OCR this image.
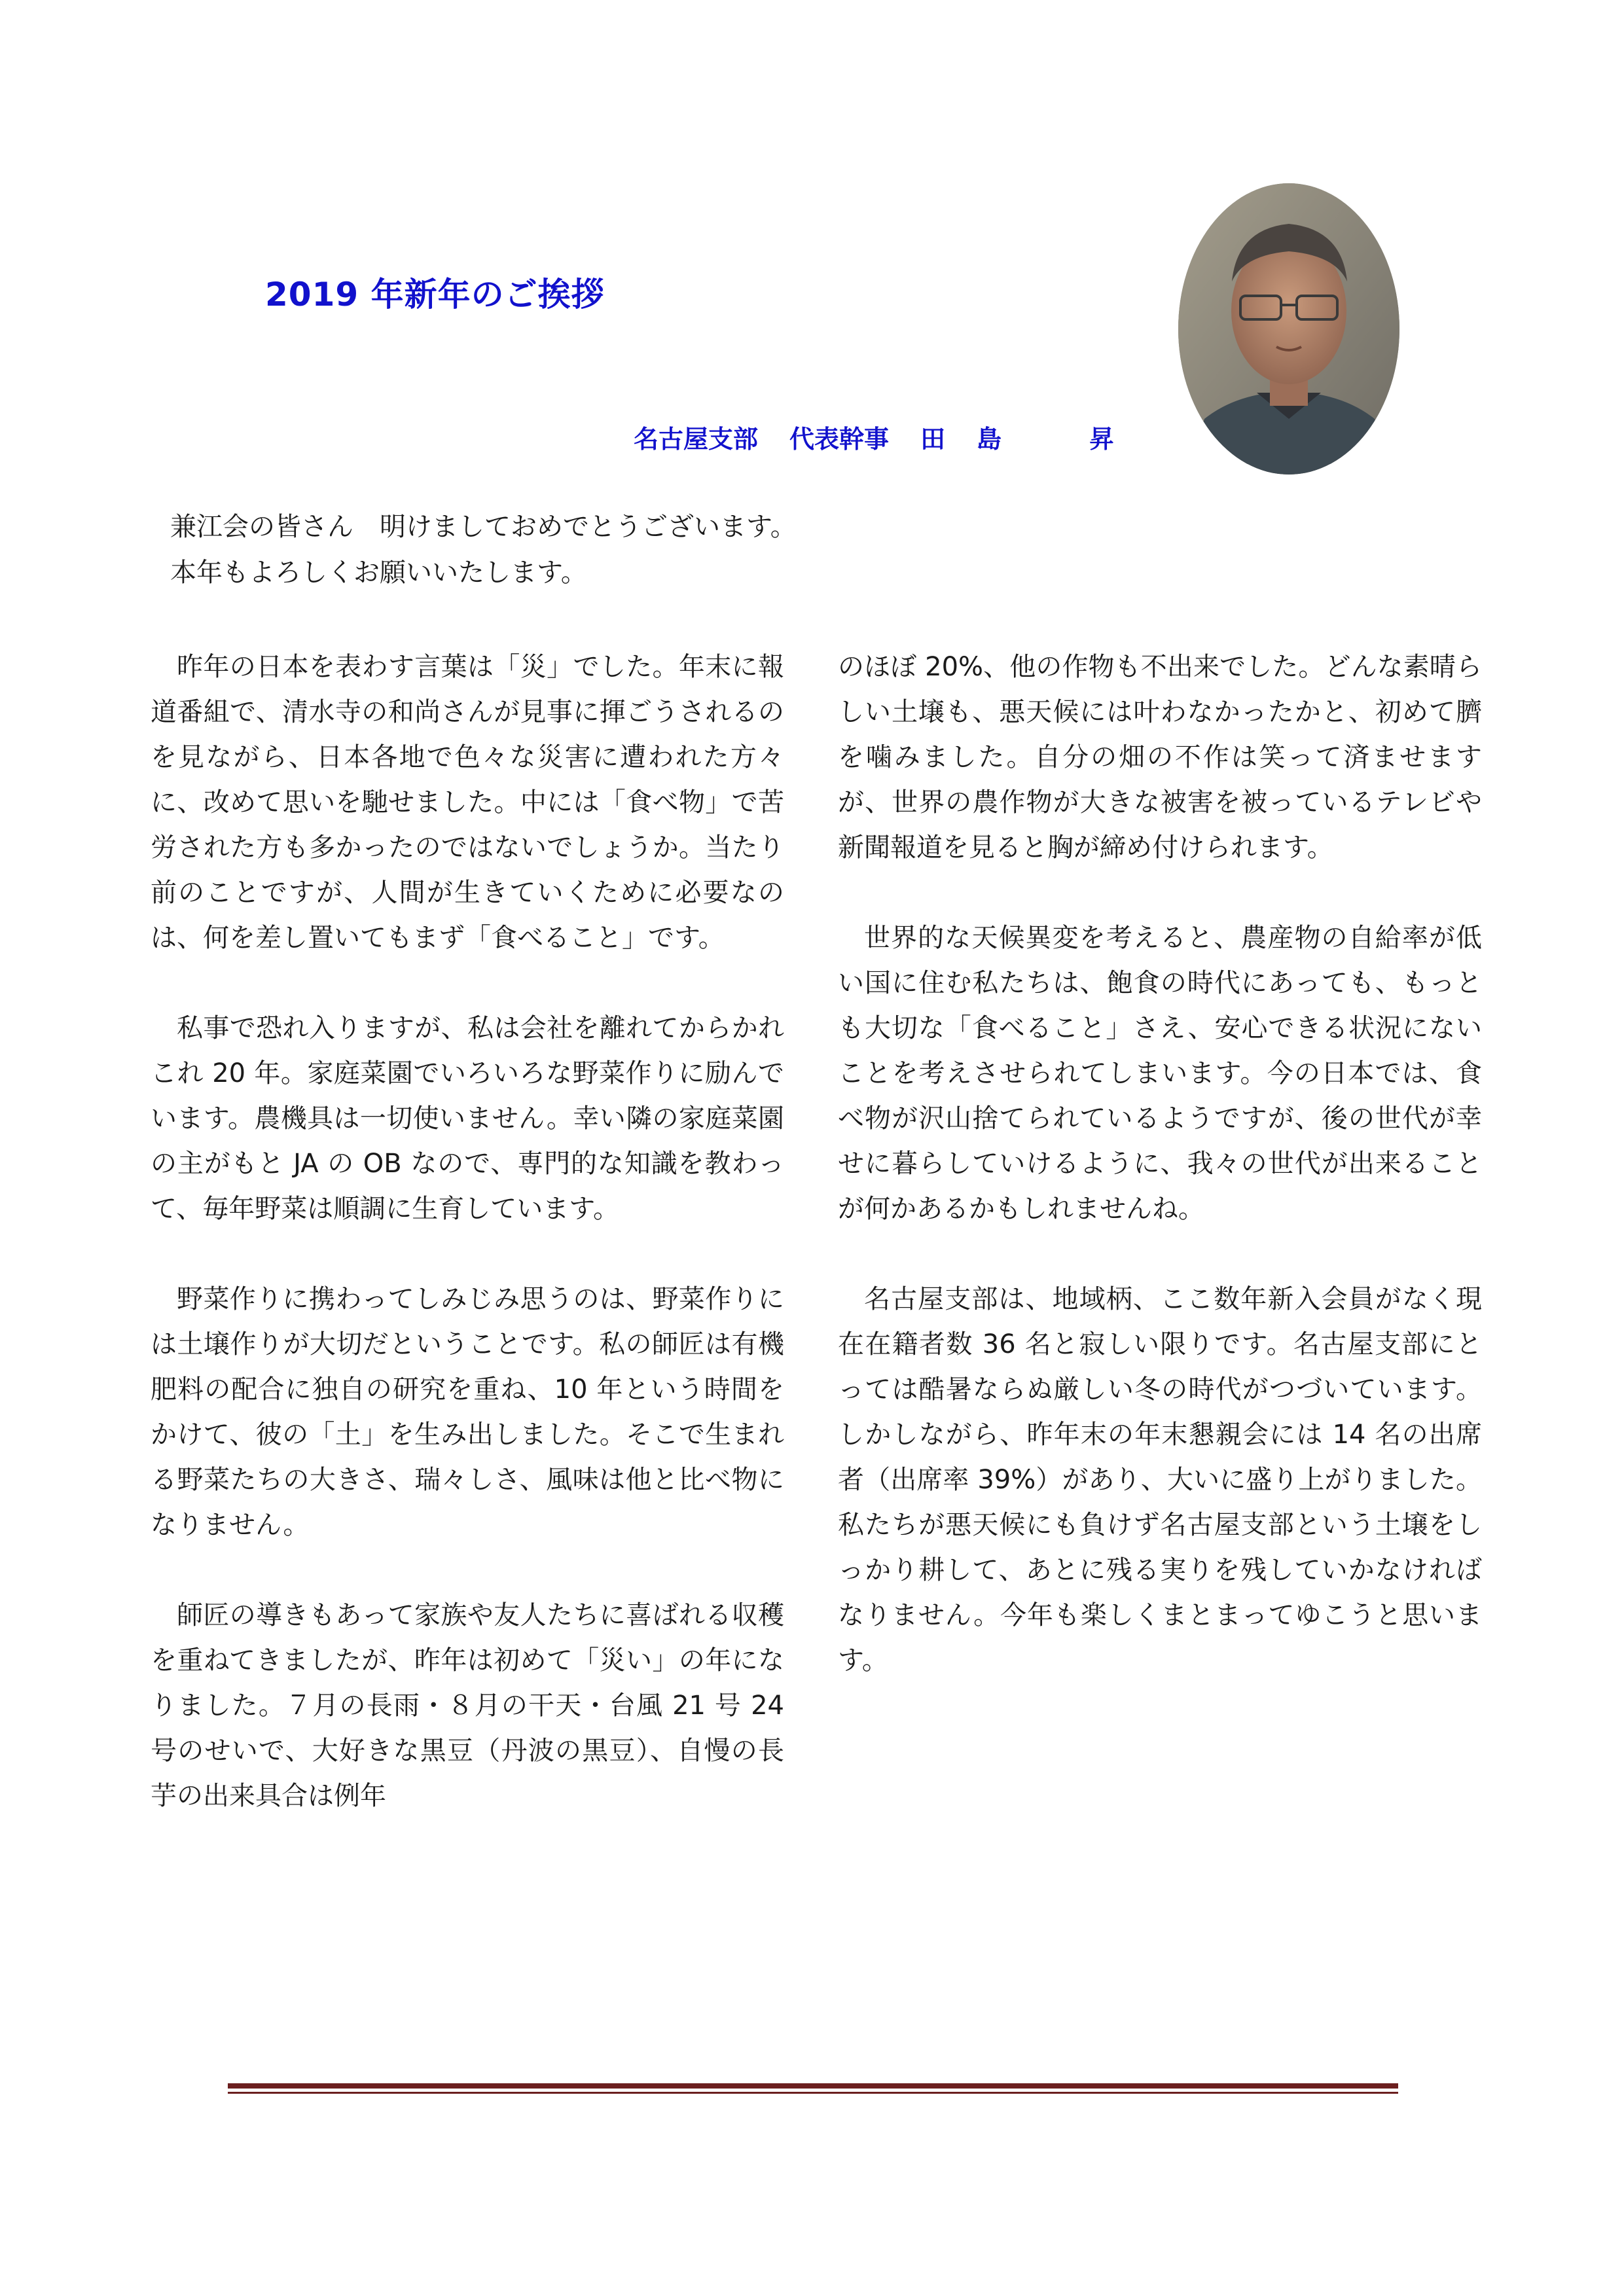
2019 年新年のご挨拶
名古屋支部 代表幹事 田島　昇
兼江会の皆さん　明けましておめでとうございます。
本年もよろしくお願いいたします。

昨年の日本を表わす言葉は「災」でした。年末に報道番組で、清水寺の和尚さんが見事に揮ごうされるのを見ながら、日本各地で色々な災害に遭われた方々に、改めて思いを馳せました。中には「食べ物」で苦労された方も多かったのではないでしょうか。当たり前のことですが、人間が生きていくために必要なのは、何を差し置いてもまず「食べること」です。

私事で恐れ入りますが、私は会社を離れてからかれこれ 20 年。家庭菜園でいろいろな野菜作りに励んでいます。農機具は一切使いません。幸い隣の家庭菜園の主がもと JA の OB なので、専門的な知識を教わって、毎年野菜は順調に生育しています。

野菜作りに携わってしみじみ思うのは、野菜作りには土壌作りが大切だということです。私の師匠は有機肥料の配合に独自の研究を重ね、10 年という時間をかけて、彼の「土」を生み出しました。そこで生まれる野菜たちの大きさ、瑞々しさ、風味は他と比べ物になりません。

師匠の導きもあって家族や友人たちに喜ばれる収穫を重ねてきましたが、昨年は初めて「災い」の年になりました。７月の長雨・８月の干天・台風 21 号 24 号のせいで、大好きな黒豆（丹波の黒豆）、自慢の長芋の出来具合は例年

のほぼ 20%、他の作物も不出来でした。どんな素晴らしい土壌も、悪天候には叶わなかったかと、初めて臍を噛みました。自分の畑の不作は笑って済ませますが、世界の農作物が大きな被害を被っているテレビや新聞報道を見ると胸が締め付けられます。

世界的な天候異変を考えると、農産物の自給率が低い国に住む私たちは、飽食の時代にあっても、もっとも大切な「食べること」さえ、安心できる状況にないことを考えさせられてしまいます。今の日本では、食べ物が沢山捨てられているようですが、後の世代が幸せに暮らしていけるように、我々の世代が出来ることが何かあるかもしれませんね。

名古屋支部は、地域柄、ここ数年新入会員がなく現在在籍者数 36 名と寂しい限りです。名古屋支部にとっては酷暑ならぬ厳しい冬の時代がつづいています。しかしながら、昨年末の年末懇親会には 14 名の出席者（出席率 39%）があり、大いに盛り上がりました。私たちが悪天候にも負けず名古屋支部という土壌をしっかり耕して、あとに残る実りを残していかなければなりません。今年も楽しくまとまってゆこうと思います。
